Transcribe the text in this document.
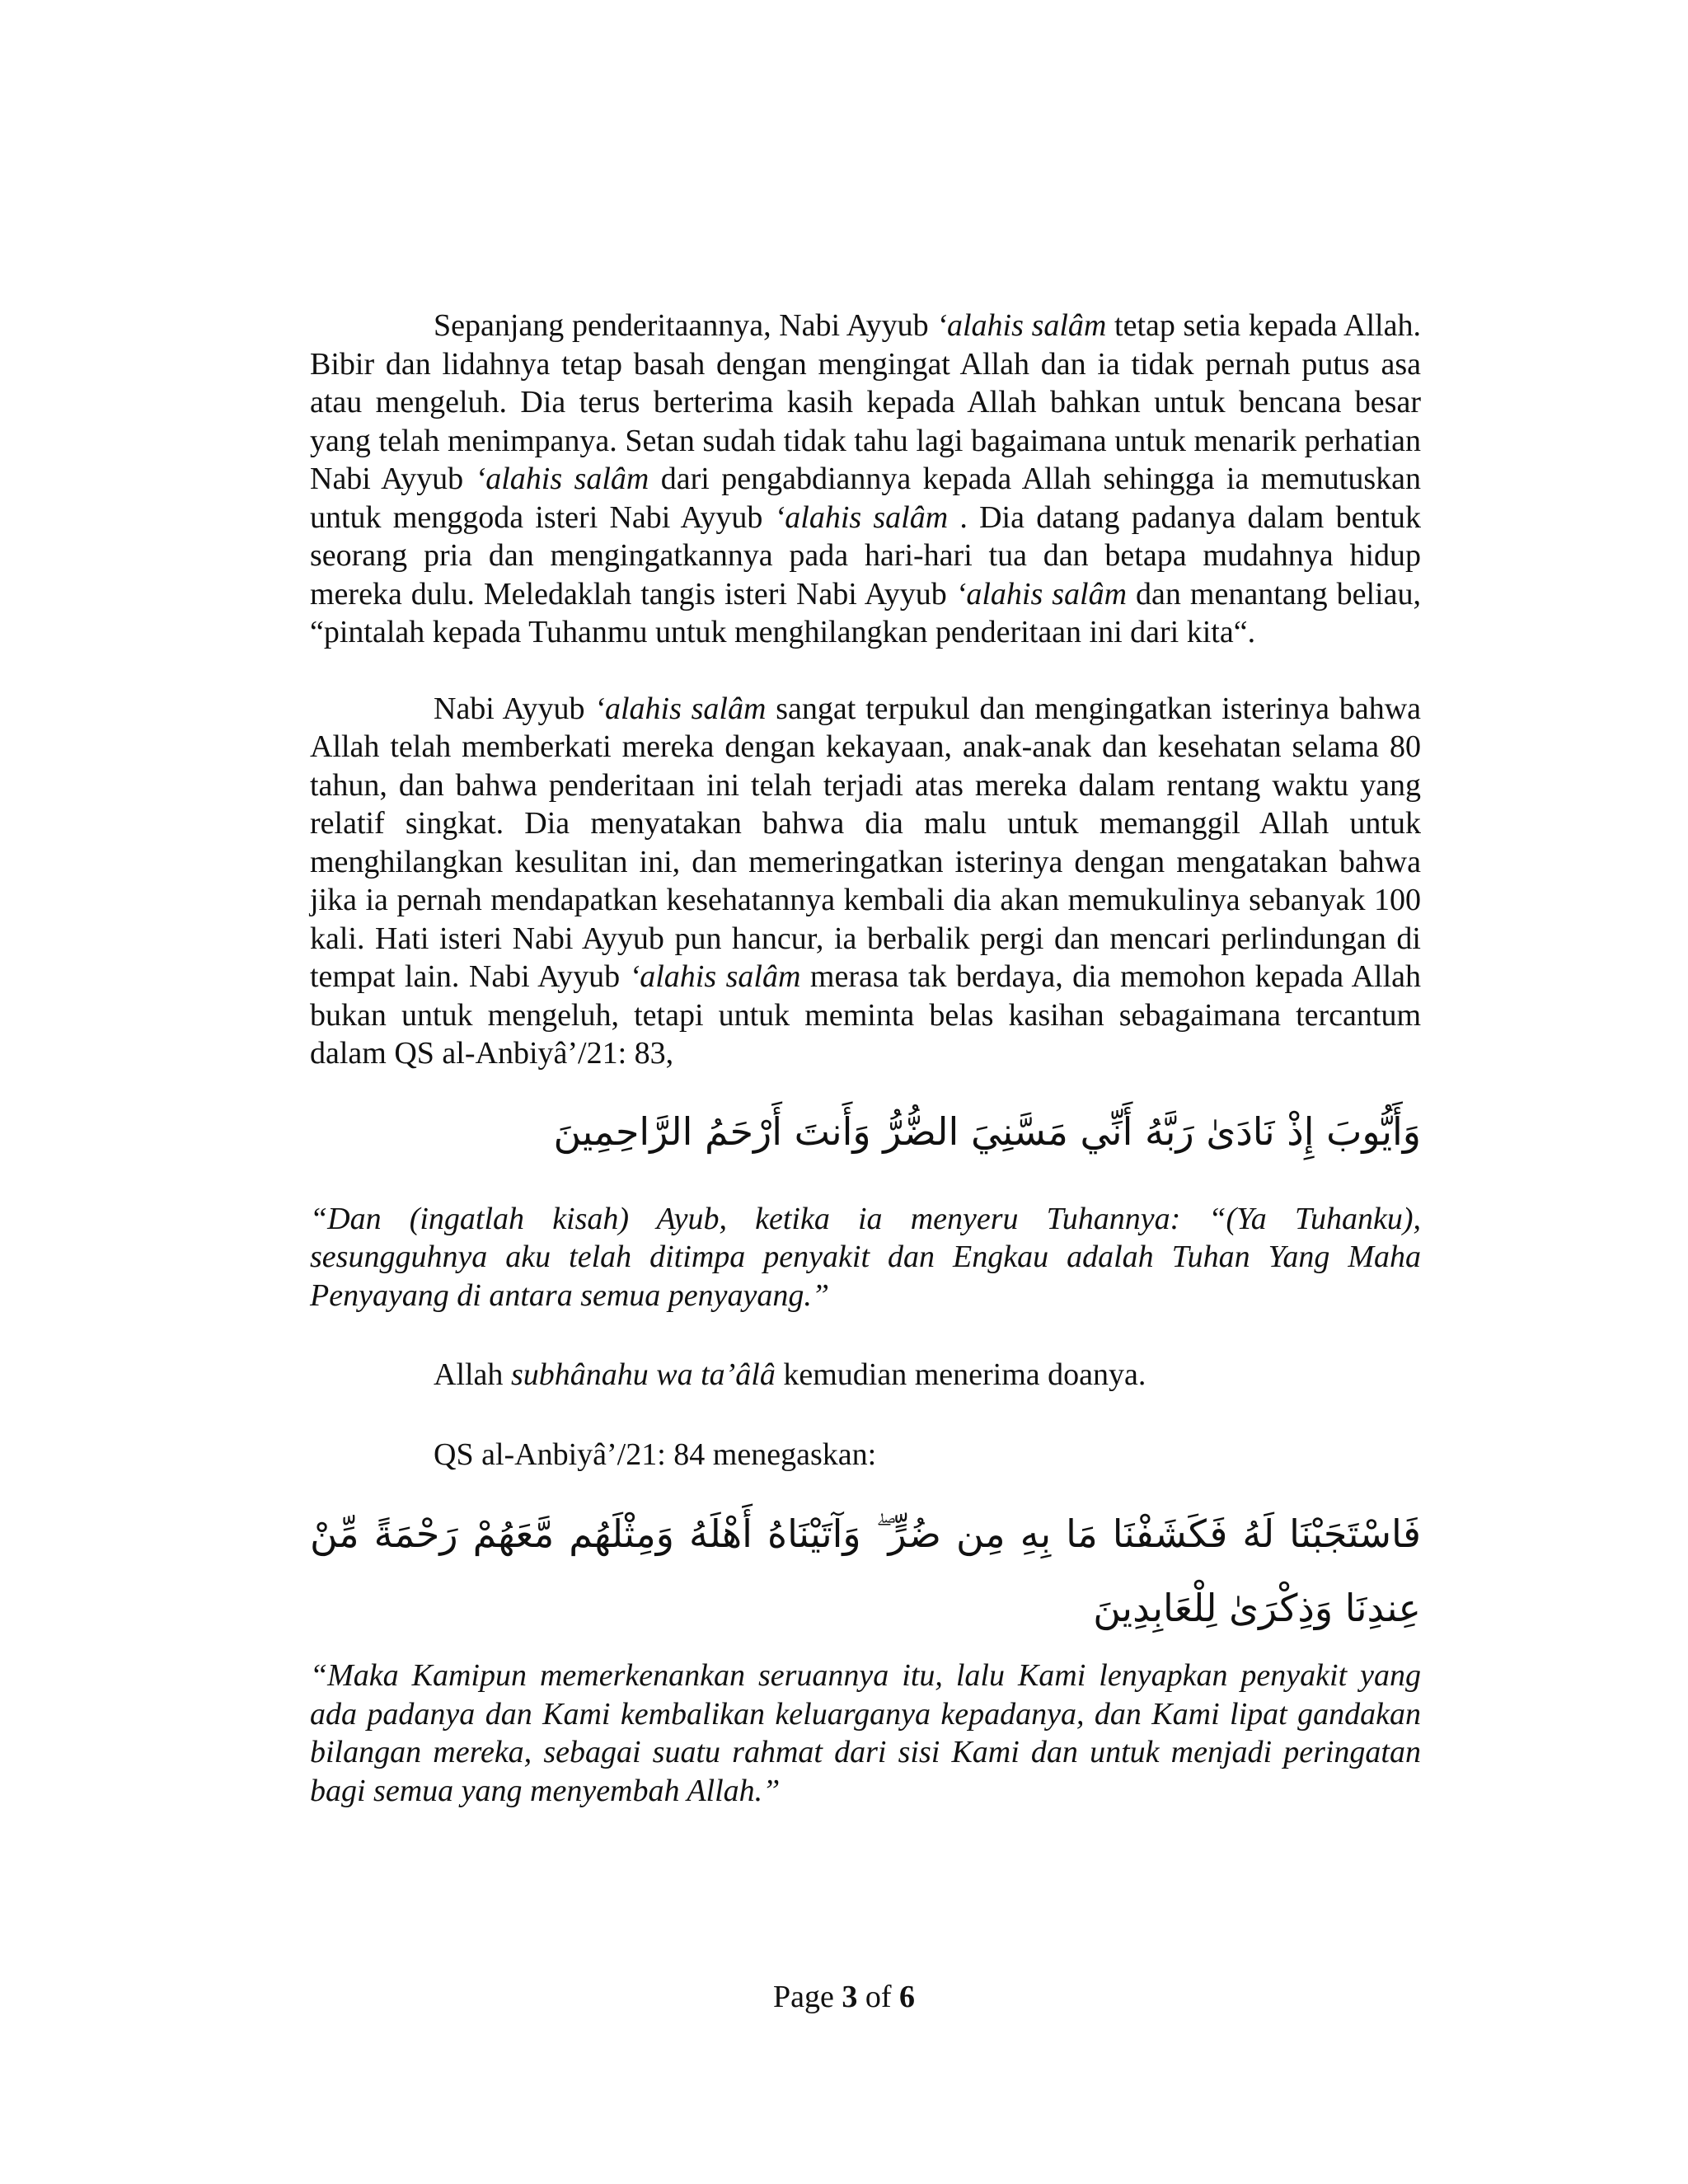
Sepanjang penderitaannya, Nabi Ayyub ‘alahis salâm tetap setia kepada Allah. Bibir dan lidahnya tetap basah dengan mengingat Allah dan ia tidak pernah putus asa atau mengeluh. Dia terus berterima kasih kepada Allah bahkan untuk bencana besar yang telah menimpanya. Setan sudah tidak tahu lagi bagaimana untuk menarik perhatian Nabi Ayyub ‘alahis salâm dari pengabdiannya kepada Allah sehingga ia memutuskan untuk menggoda isteri Nabi Ayyub ‘alahis salâm . Dia datang padanya dalam bentuk seorang pria dan mengingatkannya pada hari-hari tua dan betapa mudahnya hidup mereka dulu. Meledaklah tangis isteri Nabi Ayyub ‘alahis salâm dan menantang beliau, “pintalah kepada Tuhanmu untuk menghilangkan penderitaan ini dari kita“.

Nabi Ayyub ‘alahis salâm sangat terpukul dan mengingatkan isterinya bahwa Allah telah memberkati mereka dengan kekayaan, anak-anak dan kesehatan selama 80 tahun, dan bahwa penderitaan ini telah terjadi atas mereka dalam rentang waktu yang relatif singkat. Dia menyatakan bahwa dia malu untuk memanggil Allah untuk menghilangkan kesulitan ini, dan memeringatkan isterinya dengan mengatakan bahwa jika ia pernah mendapatkan kesehatannya kembali dia akan memukulinya sebanyak 100 kali. Hati isteri Nabi Ayyub pun hancur, ia berbalik pergi dan mencari perlindungan di tempat lain. Nabi Ayyub ‘alahis salâm merasa tak berdaya, dia memohon kepada Allah bukan untuk mengeluh, tetapi untuk meminta belas kasihan sebagaimana tercantum dalam QS al-Anbiyâ’/21: 83,

وَأَيُّوبَ إِذْ نَادَىٰ رَبَّهُ أَنِّي مَسَّنِيَ الضُّرُّ وَأَنتَ أَرْحَمُ الرَّاحِمِينَ

“Dan (ingatlah kisah) Ayub, ketika ia menyeru Tuhannya: “(Ya Tuhanku), sesungguhnya aku telah ditimpa penyakit dan Engkau adalah Tuhan Yang Maha Penyayang di antara semua penyayang.”

Allah subhânahu wa ta’âlâ kemudian menerima doanya.

QS al-Anbiyâ’/21: 84 menegaskan:

فَاسْتَجَبْنَا لَهُ فَكَشَفْنَا مَا بِهِ مِن ضُرٍّ ۖ وَآتَيْنَاهُ أَهْلَهُ وَمِثْلَهُم مَّعَهُمْ رَحْمَةً مِّنْ عِندِنَا وَذِكْرَىٰ لِلْعَابِدِينَ

“Maka Kamipun memerkenankan seruannya itu, lalu Kami lenyapkan penyakit yang ada padanya dan Kami kembalikan keluarganya kepadanya, dan Kami lipat gandakan bilangan mereka, sebagai suatu rahmat dari sisi Kami dan untuk menjadi peringatan bagi semua yang menyembah Allah.”

Page 3 of 6
